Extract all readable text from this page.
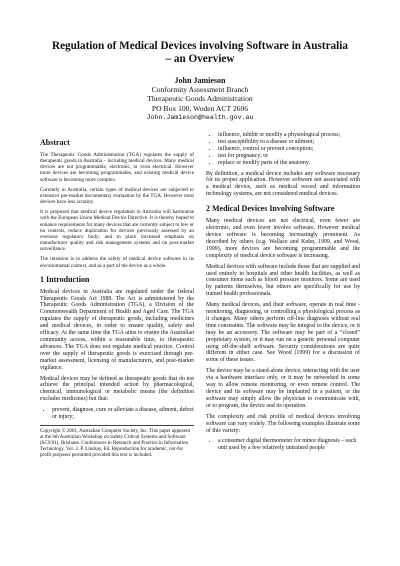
Regulation of Medical Devices involving Software in Australia
– an Overview
John Jamieson
Conformity Assessment Branch
Therapeutic Goods Administration
PO Box 100, Woden ACT 2606
John.Jamieson@health.gov.au
Abstract

The Therapeutic Goods Administration (TGA) regulates the supply of therapeutic goods in Australia – including medical devices. Many medical devices are not programmable, electronic, or even electrical. However more devices are becoming programmable, and existing medical device software is becoming more complex.

Currently in Australia, certain types of medical devices are subjected to extensive pre-market documentary evaluation by the TGA. However most devices have less scrutiny.

It is proposed that medical device regulation in Australia will harmonise with the European Union Medical Device Directive. It is thereby hoped to enhance requirements for many devices that are currently subject to few or no controls, reduce duplication for devices previously assessed by an overseas regulatory body; and to place increased emphasis on manufacturer quality and risk management systems and on post-market surveillance.

The intention is to address the safety of medical device software in its environmental context, and as a part of the device as a whole.

1 Introduction

Medical devices in Australia are regulated under the federal Therapeutic Goods Act 1989. The Act is administered by the Therapeutic Goods Administration (TGA), a Division of the Commonwealth Department of Health and Aged Care. The TGA regulates the supply of therapeutic goods, including medicines and medical devices, in order to ensure quality, safety and efficacy. At the same time the TGA aims to ensure the Australian community access, within a reasonable time, to therapeutic advances. The TGA does not regulate medical practice. Control over the supply of therapeutic goods is exercised through pre-market assessment, licensing of manufacturers, and post-market vigilance.

Medical devices may be defined as therapeutic goods that do not achieve the principal intended action by pharmacological, chemical, immunological or metabolic means (the definition excludes medicines) but that:

• prevent, diagnose, cure or alleviate a disease, ailment, defect or injury;
Copyright © 2001, Australian Computer Society, Inc. This paper appeared at the 6th Australian Workshop on Safety Critical Systems and Software (SCS'01), Brisbane. Conferences in Research and Practice in Information Technology, Vol. 3. P. Lindsay, Ed. Reproduction for academic, not-for profit purposes permitted provided this text is included.
• influence, inhibit or modify a physiological process;
• test susceptibility to a disease or ailment;
• influence, control or prevent conception;
• test for pregnancy; or
• replace or modify parts of the anatomy.

By definition, a medical device includes any software necessary for its proper application. However software not associated with a medical device, such as medical record and information technology systems, are not considered medical devices.

2 Medical Devices Involving Software

Many medical devices are not electrical, even fewer are electronic, and even fewer involve software. However medical device software is becoming increasingly prominent. As described by others (e.g. Wallace and Kuhn, 1999, and Wood, 1999), more devices are becoming programmable and the complexity of medical device software is increasing.

Medical devices with software include those that are supplied and used entirely in hospitals and other health facilities, as well as consumer items such as blood pressure monitors. Some are used by patients themselves, but others are specifically for use by trained health professionals.

Many medical devices, and their software, operate in real time - monitoring, diagnosing, or controlling a physiological process as it changes. Many others perform off-line diagnosis without real time constraints. The software may be integral to the device, or it may be an accessory. The software may be part of a “closed” proprietary system, or it may run on a generic personal computer using off-the-shelf software. Security considerations are quite different in either case. See Wood (1999) for a discussion of some of these issues.

The device may be a stand-alone device, interacting with the user via a hardware interface only, or it may be networked in some way to allow remote monitoring, or even remote control. The device and its software may be implanted in a patient, or the software may simply allow the physician to communicate with, or to program, the device and its operation.

The complexity and risk profile of medical devices involving software can vary widely. The following examples illustrate some of this variety:

• a consumer digital thermometer for minor diagnosis – each unit used by a few relatively untrained people
